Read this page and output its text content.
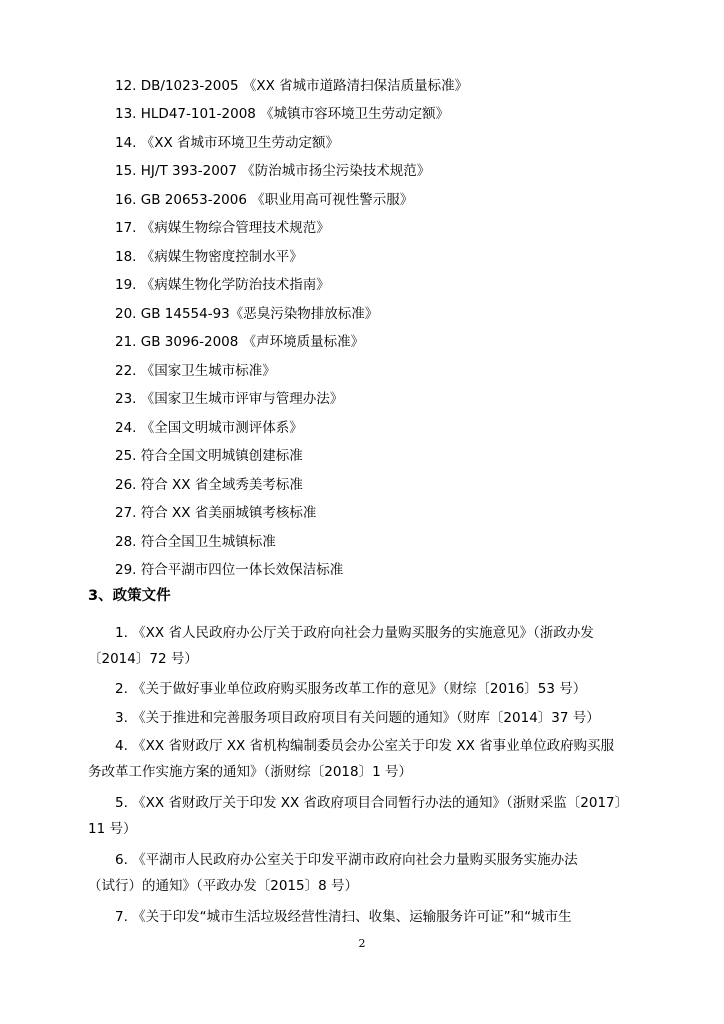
12. DB/1023-2005 《XX 省城市道路清扫保洁质量标准》
13. HLD47-101-2008 《城镇市容环境卫生劳动定额》
14. 《XX 省城市环境卫生劳动定额》
15. HJ/T 393-2007 《防治城市扬尘污染技术规范》
16. GB 20653-2006 《职业用高可视性警示服》
17. 《病媒生物综合管理技术规范》
18. 《病媒生物密度控制水平》
19. 《病媒生物化学防治技术指南》
20. GB 14554-93《恶臭污染物排放标准》
21. GB 3096-2008 《声环境质量标准》
22. 《国家卫生城市标准》
23. 《国家卫生城市评审与管理办法》
24. 《全国文明城市测评体系》
25. 符合全国文明城镇创建标准
26. 符合 XX 省全域秀美考标准
27. 符合 XX 省美丽城镇考核标准
28. 符合全国卫生城镇标准
29. 符合平湖市四位一体长效保洁标准
3、政策文件
1. 《XX 省人民政府办公厅关于政府向社会力量购买服务的实施意见》（浙政办发
〔2014〕72 号）
2. 《关于做好事业单位政府购买服务改革工作的意见》（财综〔2016〕53 号）
3. 《关于推进和完善服务项目政府项目有关问题的通知》（财库〔2014〕37 号）
4. 《XX 省财政厅 XX 省机构编制委员会办公室关于印发 XX 省事业单位政府购买服
务改革工作实施方案的通知》（浙财综〔2018〕1 号）
5. 《XX 省财政厅关于印发 XX 省政府项目合同暂行办法的通知》（浙财采监〔2017〕
11 号）
6. 《平湖市人民政府办公室关于印发平湖市政府向社会力量购买服务实施办法
（试行）的通知》（平政办发〔2015〕8 号）
7. 《关于印发“城市生活垃圾经营性清扫、收集、运输服务许可证”和“城市生
2
